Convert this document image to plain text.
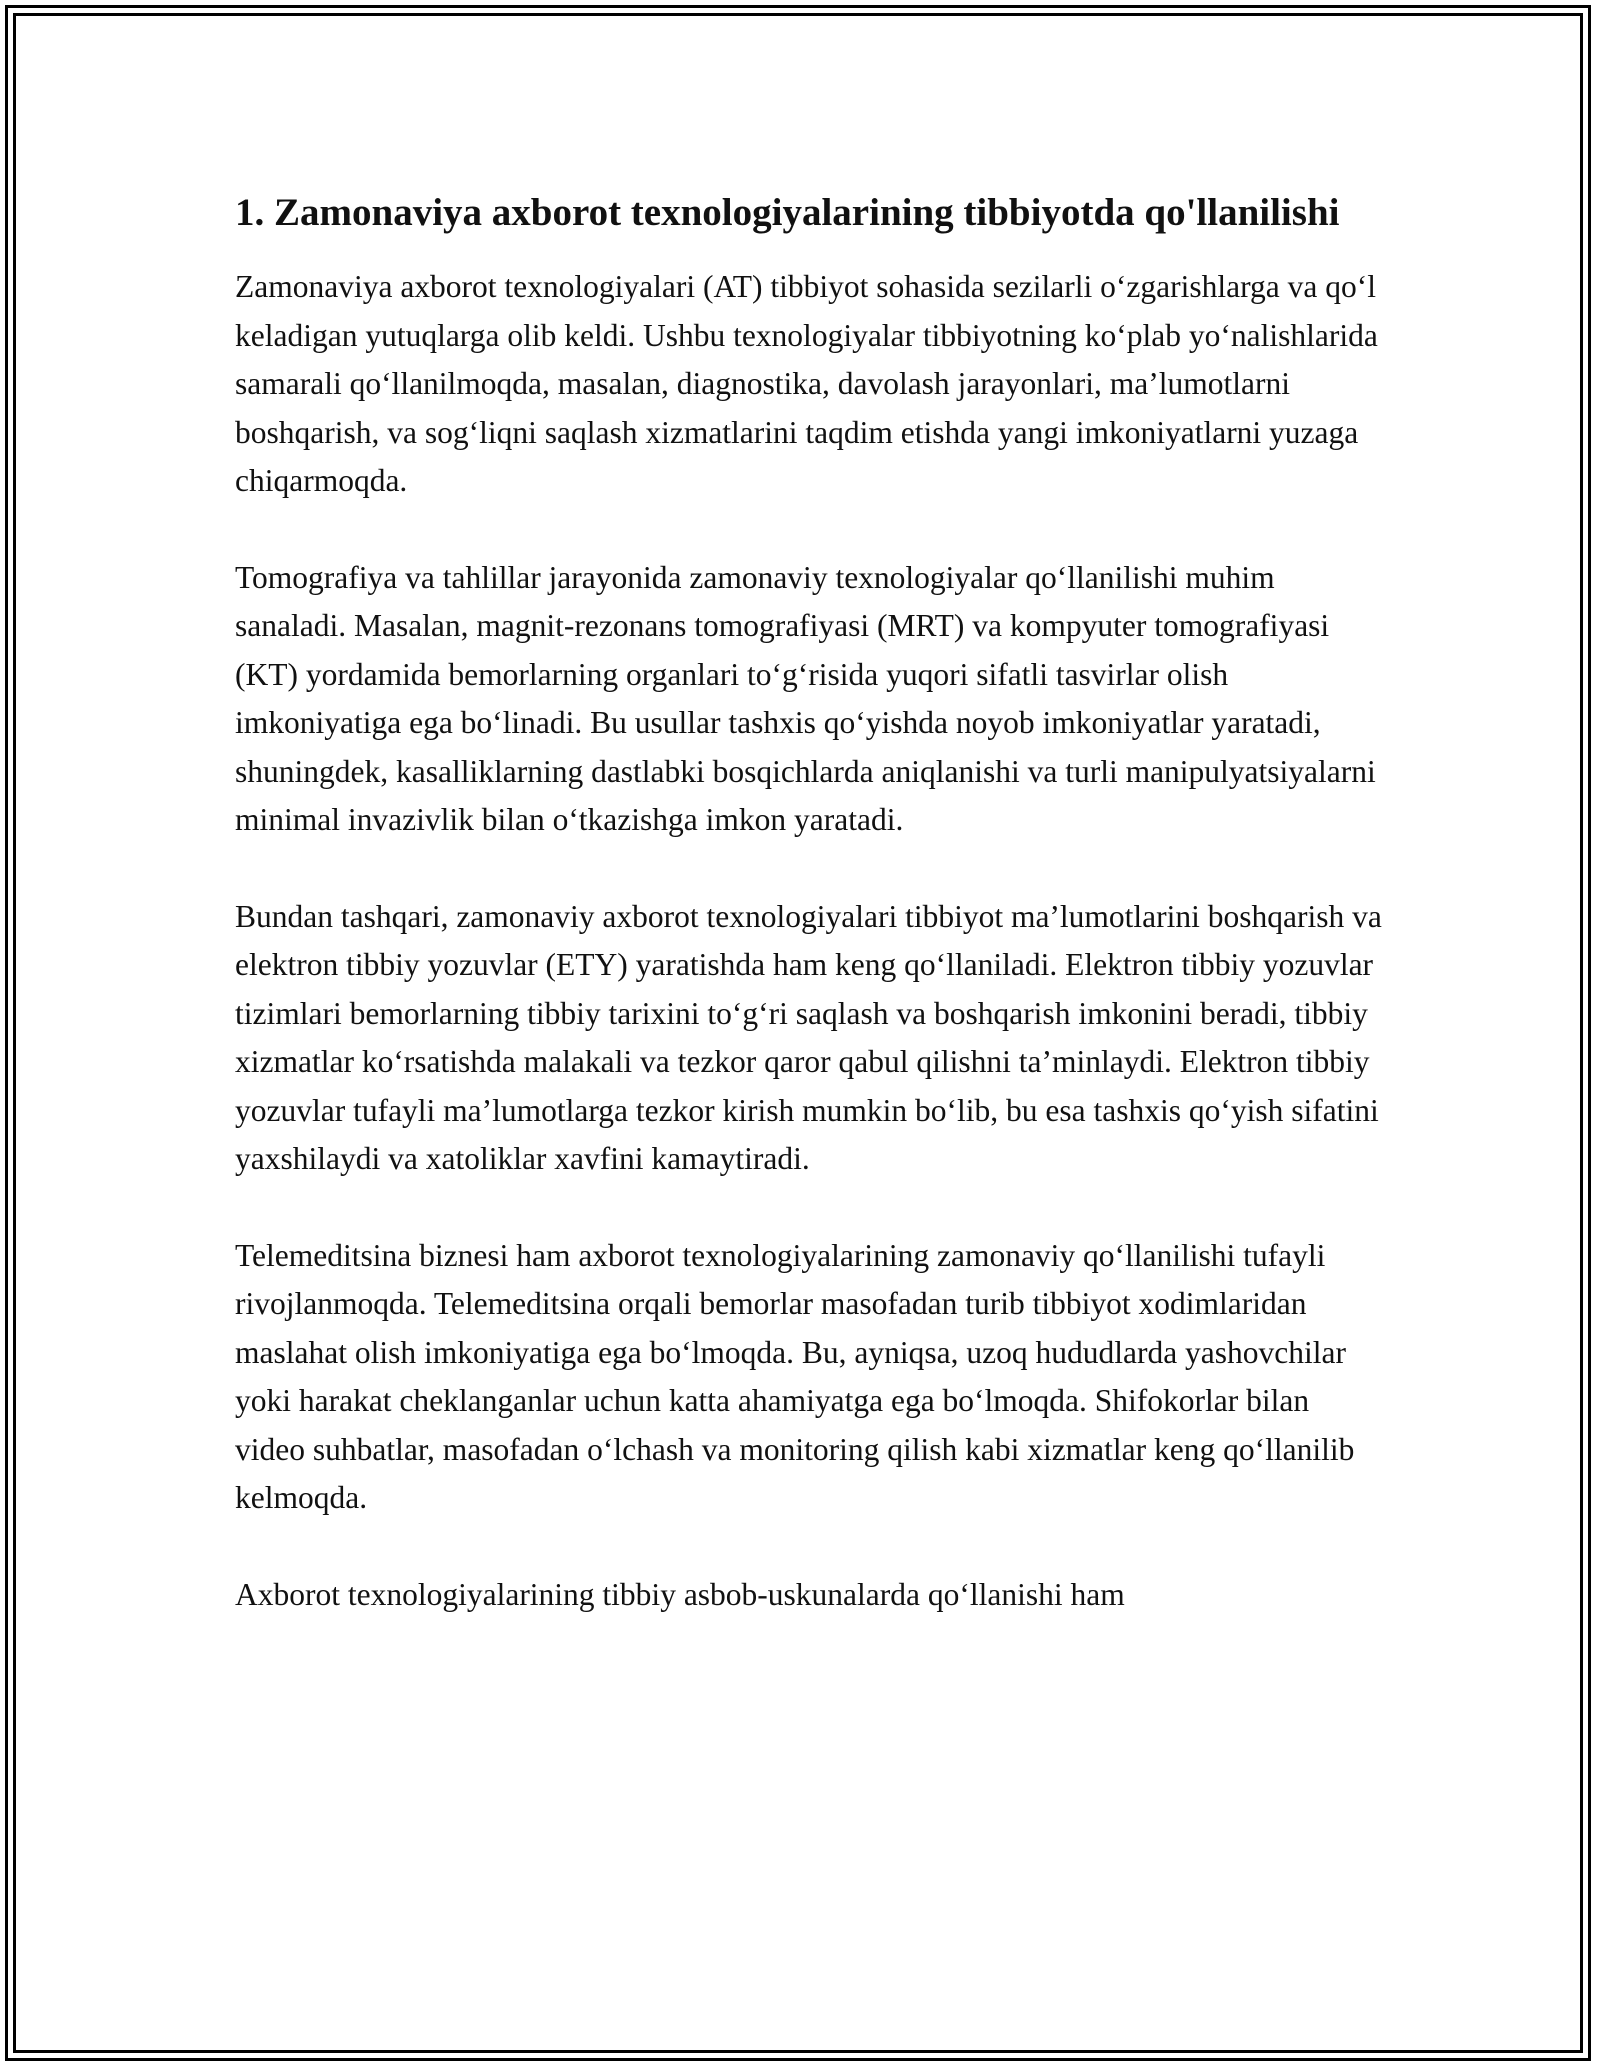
1. Zamonaviya axborot texnologiyalarining tibbiyotda qo'llanilishi

Zamonaviya axborot texnologiyalari (AT) tibbiyot sohasida sezilarli o‘zgarishlarga va qo‘l keladigan yutuqlarga olib keldi. Ushbu texnologiyalar tibbiyotning ko‘plab yo‘nalishlarida samarali qo‘llanilmoqda, masalan, diagnostika, davolash jarayonlari, ma’lumotlarni boshqarish, va sog‘liqni saqlash xizmatlarini taqdim etishda yangi imkoniyatlarni yuzaga chiqarmoqda.

Tomografiya va tahlillar jarayonida zamonaviy texnologiyalar qo‘llanilishi muhim sanaladi. Masalan, magnit-rezonans tomografiyasi (MRT) va kompyuter tomografiyasi (KT) yordamida bemorlarning organlari to‘g‘risida yuqori sifatli tasvirlar olish imkoniyatiga ega bo‘linadi. Bu usullar tashxis qo‘yishda noyob imkoniyatlar yaratadi, shuningdek, kasalliklarning dastlabki bosqichlarda aniqlanishi va turli manipulyatsiyalarni minimal invazivlik bilan o‘tkazishga imkon yaratadi.

Bundan tashqari, zamonaviy axborot texnologiyalari tibbiyot ma’lumotlarini boshqarish va elektron tibbiy yozuvlar (ETY) yaratishda ham keng qo‘llaniladi. Elektron tibbiy yozuvlar tizimlari bemorlarning tibbiy tarixini to‘g‘ri saqlash va boshqarish imkonini beradi, tibbiy xizmatlar ko‘rsatishda malakali va tezkor qaror qabul qilishni ta’minlaydi. Elektron tibbiy yozuvlar tufayli ma’lumotlarga tezkor kirish mumkin bo‘lib, bu esa tashxis qo‘yish sifatini yaxshilaydi va xatoliklar xavfini kamaytiradi.

Telemeditsina biznesi ham axborot texnologiyalarining zamonaviy qo‘llanilishi tufayli rivojlanmoqda. Telemeditsina orqali bemorlar masofadan turib tibbiyot xodimlaridan maslahat olish imkoniyatiga ega bo‘lmoqda. Bu, ayniqsa, uzoq hududlarda yashovchilar yoki harakat cheklanganlar uchun katta ahamiyatga ega bo‘lmoqda. Shifokorlar bilan video suhbatlar, masofadan o‘lchash va monitoring qilish kabi xizmatlar keng qo‘llanilib kelmoqda.

Axborot texnologiyalarining tibbiy asbob-uskunalarda qo‘llanishi ham
